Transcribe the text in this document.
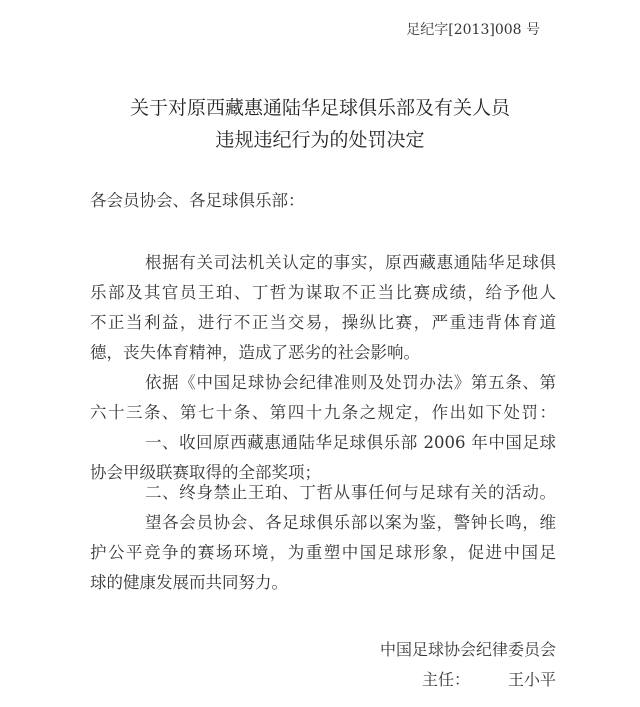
足纪字[2013]008 号
关于对原西藏惠通陆华足球俱乐部及有关人员
违规违纪行为的处罚决定
各会员协会、各足球俱乐部：
根据有关司法机关认定的事实，原西藏惠通陆华足球俱
乐部及其官员王珀、丁哲为谋取不正当比赛成绩，给予他人
不正当利益，进行不正当交易，操纵比赛，严重违背体育道
德，丧失体育精神，造成了恶劣的社会影响。
依据《中国足球协会纪律准则及处罚办法》第五条、第
六十三条、第七十条、第四十九条之规定，作出如下处罚：
一、收回原西藏惠通陆华足球俱乐部 2006 年中国足球
协会甲级联赛取得的全部奖项；
二、终身禁止王珀、丁哲从事任何与足球有关的活动。
望各会员协会、各足球俱乐部以案为鉴，警钟长鸣，维
护公平竞争的赛场环境，为重塑中国足球形象，促进中国足
球的健康发展而共同努力。
中国足球协会纪律委员会
主任： 王小平
